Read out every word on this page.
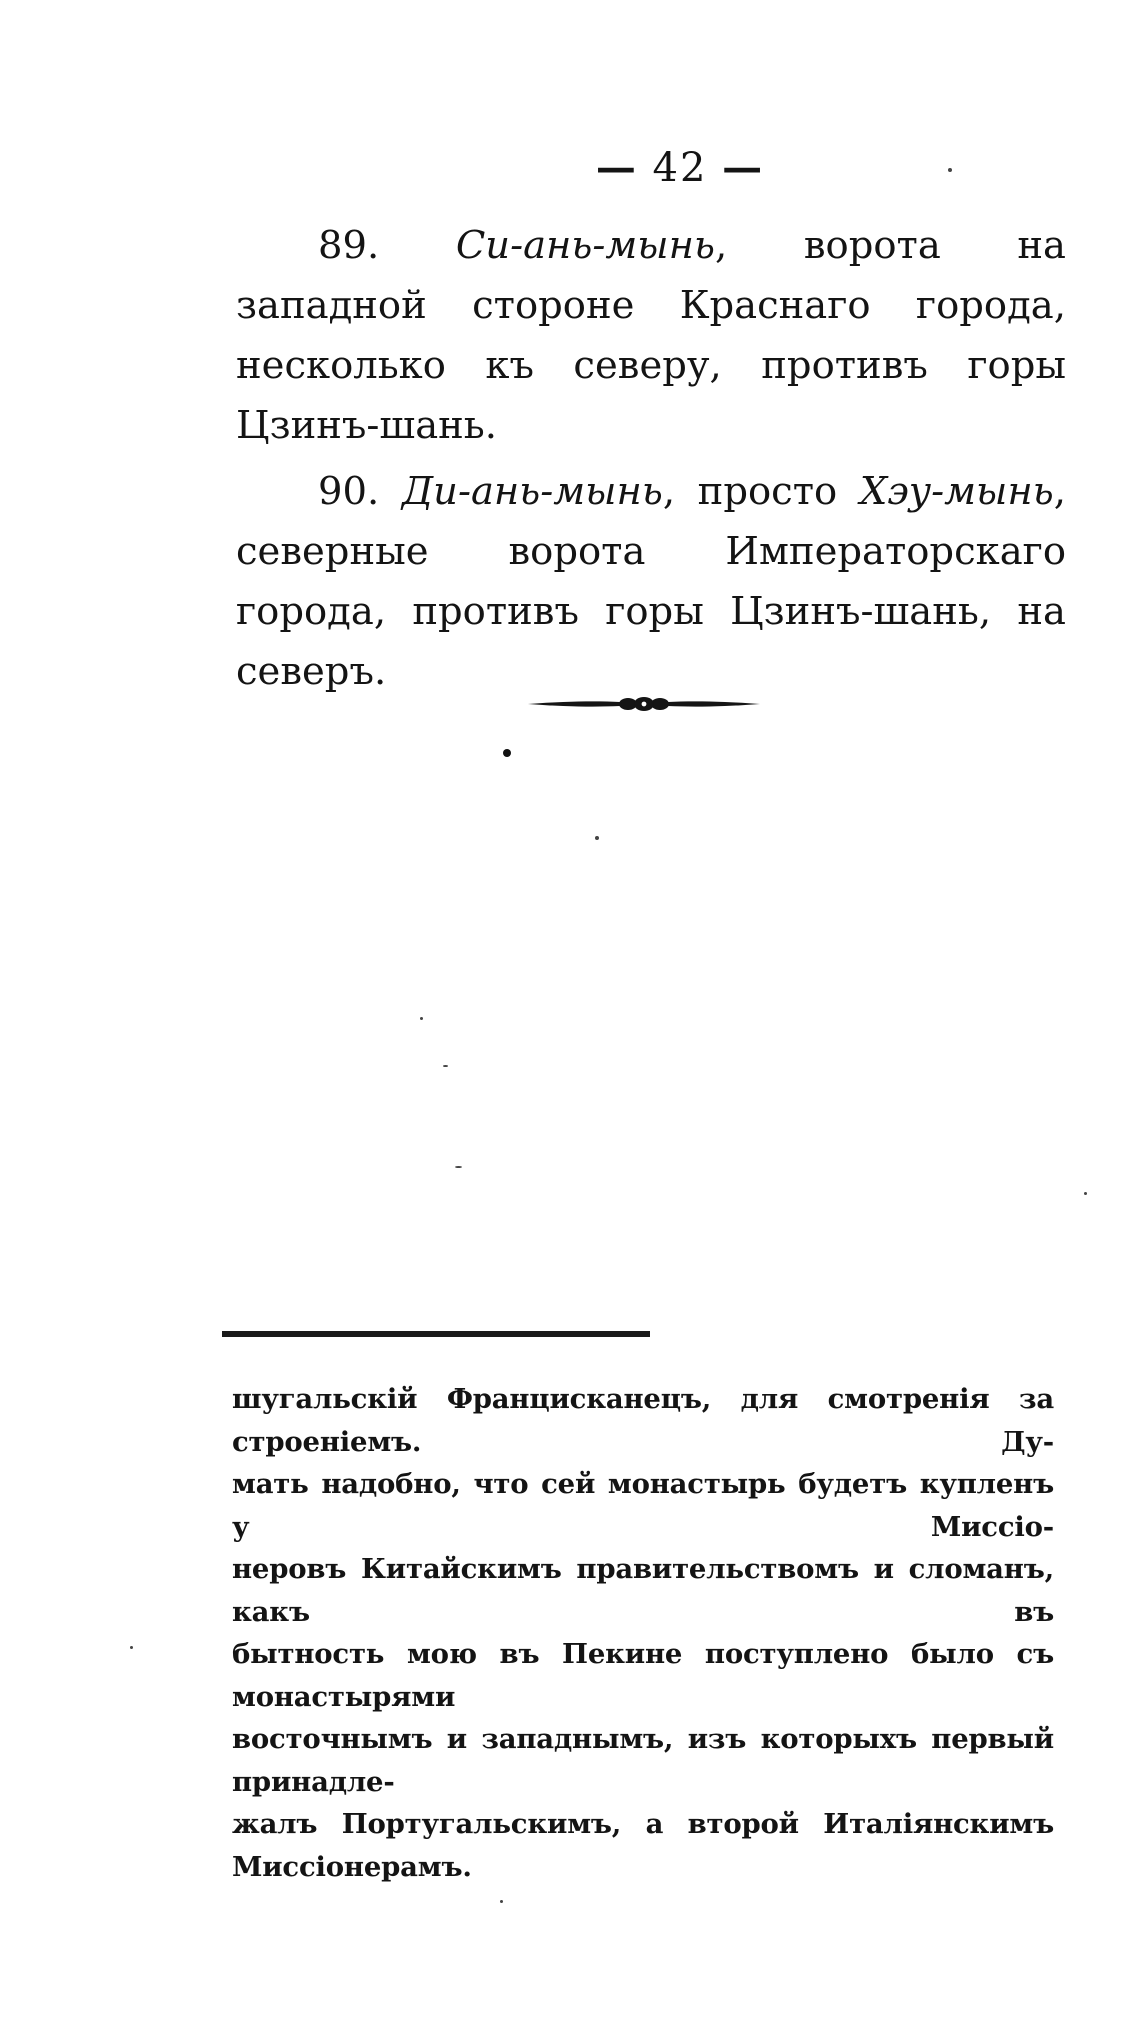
— 42 —

89. Си-ань-мынь, ворота на западной стороне Краснаго города, несколько къ северу, противъ горы Цзинъ-шань.

90. Ди-ань-мынь, просто Хэу-мынь, северные ворота Императорскаго города, противъ горы Цзинъ-шань, на северъ.

шугальскій Францисканецъ, для смотренія за строеніемъ. Ду-

мать надобно, что сей монастырь будетъ купленъ у Миссіо-

неровъ Китайскимъ правительствомъ и сломанъ, какъ въ

бытность мою въ Пекине поступлено было съ монастырями

восточнымъ и западнымъ, изъ которыхъ первый принадле-

жалъ Португальскимъ, а второй Италіянскимъ Миссіонерамъ.
